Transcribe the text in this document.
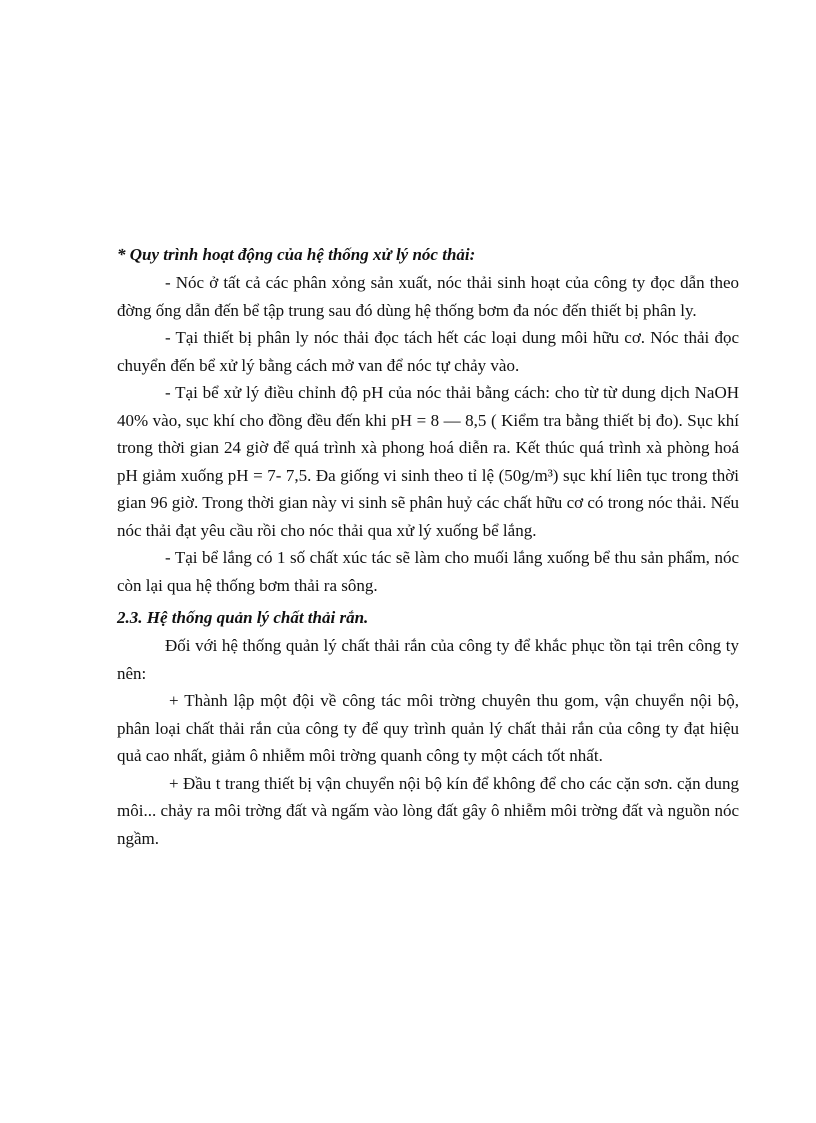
* Quy trình hoạt động của hệ thống xử lý nóc thải:

- Nóc ở tất cả các phân xỏng sản xuất, nóc thải sinh hoạt của công ty đọc dẫn theo đờng ống dẫn đến bể tập trung sau đó dùng hệ thống bơm đa nóc đến thiết bị phân ly.

- Tại thiết bị phân ly nóc thải đọc tách hết các loại dung môi hữu cơ. Nóc thải đọc chuyển đến bể xử lý bằng cách mở van để nóc tự chảy vào.

- Tại bể xử lý điều chỉnh độ pH của nóc thải bằng cách: cho từ từ dung dịch NaOH 40% vào, sục khí cho đồng đều đến khi pH = 8 — 8,5 ( Kiểm tra bằng thiết bị đo). Sục khí trong thời gian 24 giờ để quá trình xà phong hoá diễn ra. Kết thúc quá trình xà phòng hoá pH giảm xuống pH = 7- 7,5. Đa giống vi sinh theo tỉ lệ (50g/m³) sục khí liên tục trong thời gian 96 giờ. Trong thời gian này vi sinh sẽ phân huỷ các chất hữu cơ có trong nóc thải. Nếu nóc thải đạt yêu cầu rồi cho nóc thải qua xử lý xuống bể lắng.

- Tại bể lắng có 1 số chất xúc tác sẽ làm cho muối lắng xuống bể thu sản phẩm, nóc còn lại qua hệ thống bơm thải ra sông.

2.3. Hệ thống quản lý chất thải rắn.

Đối với hệ thống quản lý chất thải rắn của công ty để khắc phục tồn tại trên công ty nên:

+ Thành lập một đội về công tác môi trờng chuyên thu gom, vận chuyển nội bộ, phân loại chất thải rắn của công ty để quy trình quản lý chất thải rắn của công ty đạt hiệu quả cao nhất, giảm ô nhiễm môi trờng quanh công ty một cách tốt nhất.

+ Đầu t trang thiết bị vận chuyển nội bộ kín để không để cho các cặn sơn. cặn dung môi... chảy ra môi trờng đất và ngấm vào lòng đất gây ô nhiễm môi trờng đất và nguồn nóc ngầm.
